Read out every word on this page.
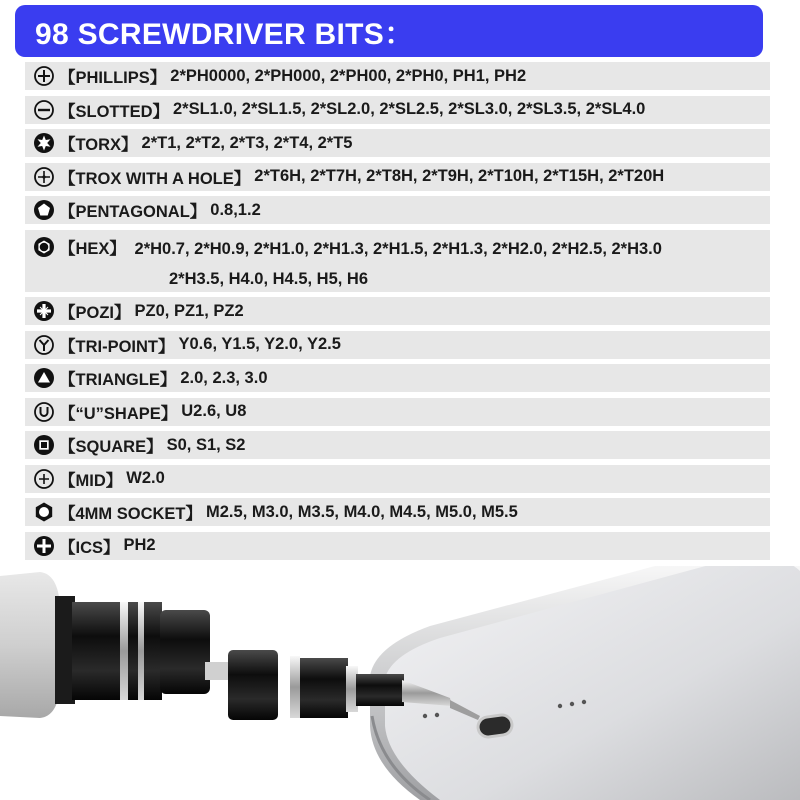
98 SCREWDRIVER BITS：
【PHILLIPS】 2*PH0000, 2*PH000, 2*PH00, 2*PH0, PH1, PH2
【SLOTTED】 2*SL1.0, 2*SL1.5, 2*SL2.0, 2*SL2.5, 2*SL3.0, 2*SL3.5, 2*SL4.0
【TORX】 2*T1, 2*T2, 2*T3, 2*T4, 2*T5
【TROX WITH A HOLE】 2*T6H, 2*T7H, 2*T8H, 2*T9H, 2*T10H, 2*T15H, 2*T20H
【PENTAGONAL】 0.8,1.2
【HEX】 2*H0.7, 2*H0.9, 2*H1.0, 2*H1.3, 2*H1.5, 2*H1.3, 2*H2.0, 2*H2.5, 2*H3.0
2*H3.5, H4.0, H4.5, H5, H6
【POZI】 PZ0, PZ1, PZ2
【TRI-POINT】 Y0.6, Y1.5, Y2.0, Y2.5
【TRIANGLE】 2.0, 2.3, 3.0
【“U”SHAPE】 U2.6, U8
【SQUARE】 S0, S1, S2
【MID】 W2.0
【4MM SOCKET】 M2.5, M3.0, M3.5, M4.0, M4.5, M5.0, M5.5
【ICS】 PH2
